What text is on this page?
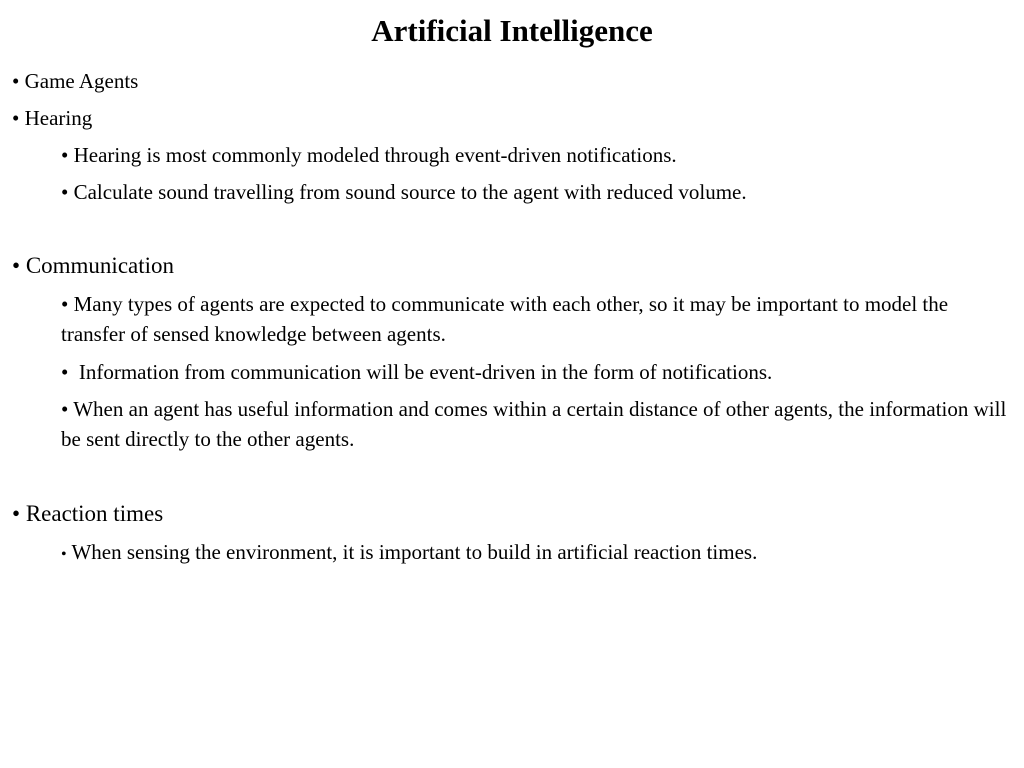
Artificial Intelligence
• Game Agents
• Hearing
• Hearing is most commonly modeled through event-driven notifications.
• Calculate sound travelling from sound source to the agent with reduced volume.
• Communication
• Many types of agents are expected to communicate with each other, so it may be important to model the transfer of sensed knowledge between agents.
•  Information from communication will be event-driven in the form of notifications.
• When an agent has useful information and comes within a certain distance of other agents, the information will be sent directly to the other agents.
• Reaction times
• When sensing the environment, it is important to build in artificial reaction times.
